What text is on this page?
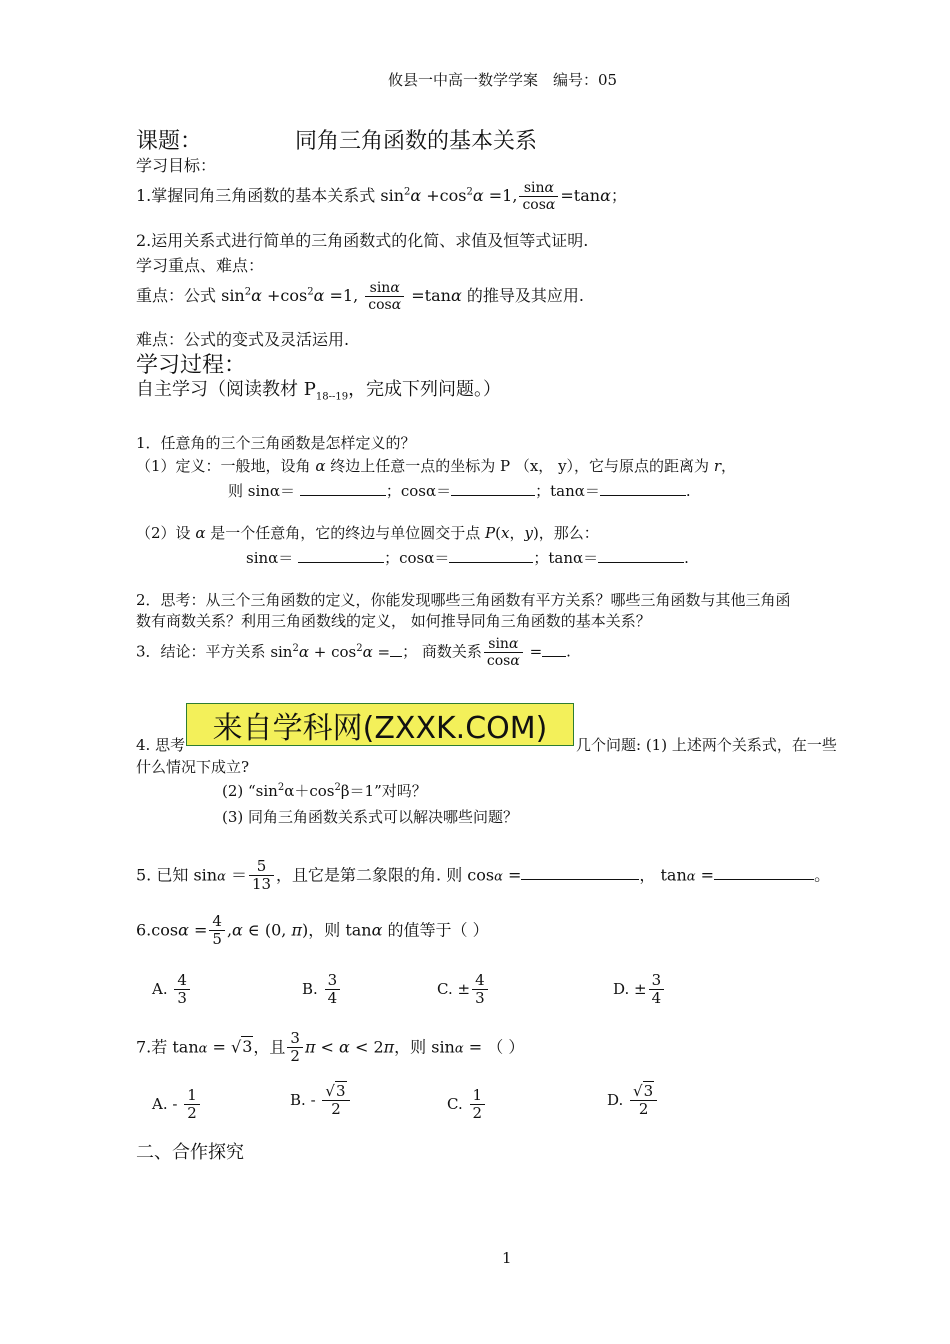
攸县一中高一数学学案 编号：05
课题：	同角三角函数的基本关系
学习目标：
1.掌握同角三角函数的基本关系式 $\sin^2\alpha +\cos^2\alpha =1$, $\frac{\sin\alpha}{\cos\alpha} =\tan\alpha$；
2.运用关系式进行简单的三角函数式的化简、求值及恒等式证明.
学习重点、难点：
重点：公式 $\sin^2\alpha +\cos^2\alpha =1$, $\frac{\sin\alpha}{\cos\alpha} =\tan\alpha$ 的推导及其应用.
难点：公式的变式及灵活运用.
学习过程：
自主学习（阅读教材 $P_{18--19}$，完成下列问题。）
1．任意角的三个三角函数是怎样定义的？
（1）定义：一般地，设角 α 终边上任意一点的坐标为 P （x， y），它与原点的距离为 r，
则 sinα＝	；cosα＝	；tanα＝	.
（2）设 α 是一个任意角，它的终边与单位圆交于点 P(x，y)，那么：
sinα＝	；cosα＝	；tanα＝	.
2．思考：从三个三角函数的定义，你能发现哪些三角函数有平方关系？哪些三角函数与其他三角函
数有商数关系？利用三角函数线的定义， 如何推导同角三角函数的基本关系？
3．结论：平方关系 $\sin^2\alpha + \cos^2\alpha$ = ； 商数关系 $\frac{\sin\alpha}{\cos\alpha}$ = .
来自学科网(ZXXK.COM)
4. 思考	几个问题: (1) 上述两个关系式，在一些
什么情况下成立?
(2) “$\sin^2\alpha+\cos^2\beta=1$”对吗？
(3) 同角三角函数关系式可以解决哪些问题？
5. 已知 $\sin\alpha = \frac{5}{13}$ ，且它是第二象限的角. 则 cosα =	， tanα =	。
$6.\cos\alpha = \frac{4}{5} ,\alpha$ ∈ (0, π)，则 tanα 的值等于（ ）
A. $\frac{4}{3}$	B. $\frac{3}{4}$	C. ± $\frac{4}{3}$	D. ± $\frac{3}{4}$
7.若 tanα = √3，且 $\frac{3}{2}$ π < α < 2π，则 sinα = （ ）
A. - $\frac{1}{2}$	B. - $\frac{√3}{2}$	C. $\frac{1}{2}$	D. $\frac{√3}{2}$
二、合作探究
1
